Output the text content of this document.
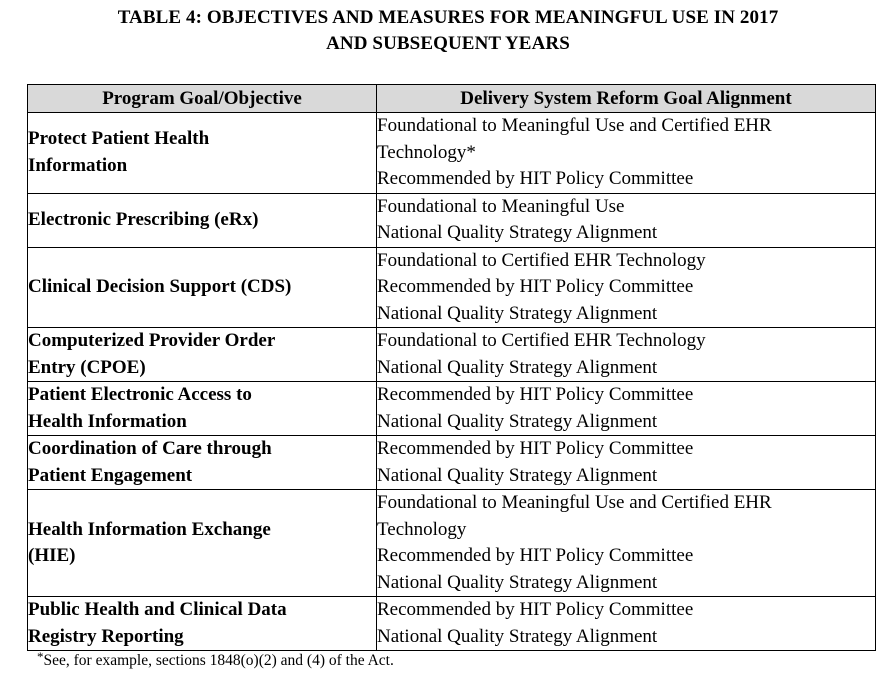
TABLE 4: OBJECTIVES AND MEASURES FOR MEANINGFUL USE IN 2017
AND SUBSEQUENT YEARS
Program Goal/Objective	Delivery System Reform Goal Alignment

Protect Patient Health
Information	Foundational to Meaningful Use and Certified EHR
Technology*
Recommended by HIT Policy Committee

Electronic Prescribing (eRx)	Foundational to Meaningful Use
National Quality Strategy Alignment

Clinical Decision Support (CDS)	Foundational to Certified EHR Technology
Recommended by HIT Policy Committee
National Quality Strategy Alignment

Computerized Provider Order
Entry (CPOE)	Foundational to Certified EHR Technology
National Quality Strategy Alignment

Patient Electronic Access to
Health Information	Recommended by HIT Policy Committee
National Quality Strategy Alignment

Coordination of Care through
Patient Engagement	Recommended by HIT Policy Committee
National Quality Strategy Alignment

Health Information Exchange
(HIE)	Foundational to Meaningful Use and Certified EHR
Technology
Recommended by HIT Policy Committee
National Quality Strategy Alignment

Public Health and Clinical Data
Registry Reporting	Recommended by HIT Policy Committee
National Quality Strategy Alignment
*See, for example, sections 1848(o)(2) and (4) of the Act.
